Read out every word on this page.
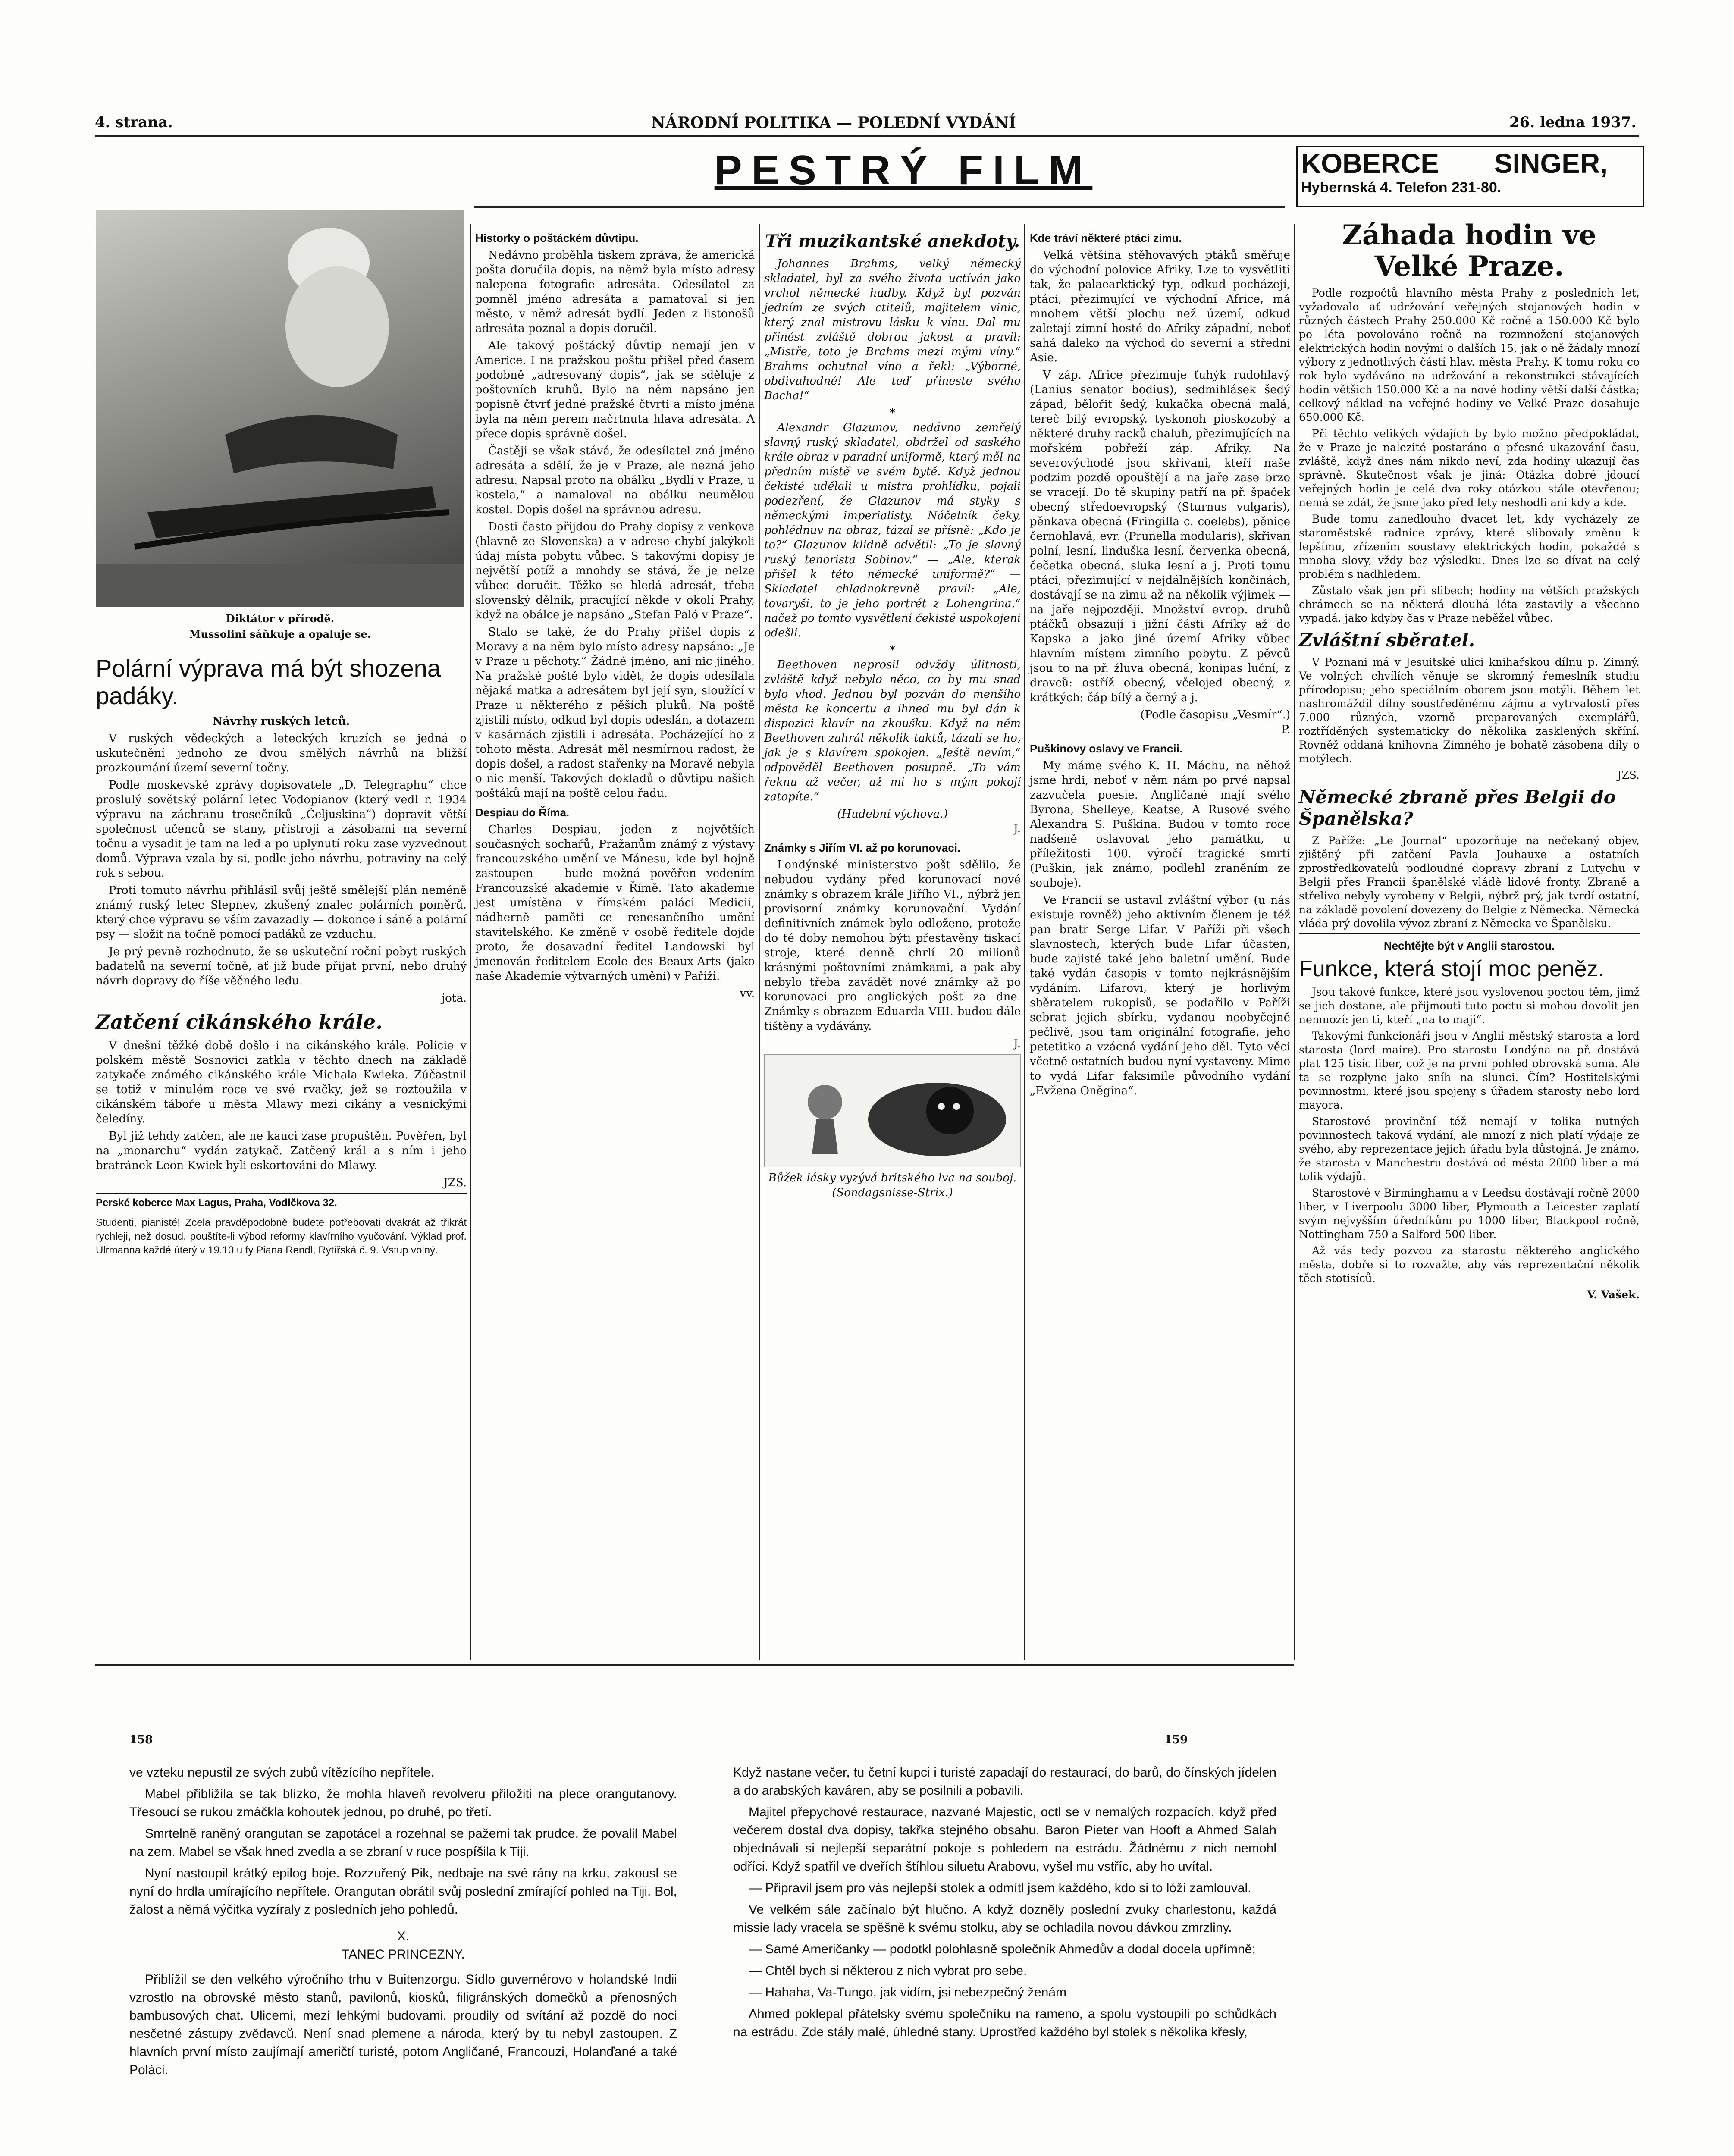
4. strana.	NÁRODNÍ POLITIKA — POLEDNÍ VYDÁNÍ	26. ledna 1937.
PESTRÝ FILM	KOBERCE SINGER,
Hybernská 4. Telefon 231-80.
Diktátor v přírodě.
Mussolini sáňkuje a opaluje se.
Polární výprava má být shozena padáky.
Návrhy ruských letců.

V ruských vědeckých a leteckých kruzích se jedná o uskutečnění jednoho ze dvou smělých návrhů na bližší prozkoumání území severní točny.

Podle moskevské zprávy dopisovatele „D. Telegraphu“ chce proslulý sovětský polární letec Vodopianov (který vedl r. 1934 výpravu na záchranu trosečníků „Čeljuskina“) dopravit větší společnost učenců se stany, přístroji a zásobami na severní točnu a vysadit je tam na led a po uplynutí roku zase vyzvednout domů. Výprava vzala by si, podle jeho návrhu, potraviny na celý rok s sebou.

Proti tomuto návrhu přihlásil svůj ještě smělejší plán neméně známý ruský letec Slepnev, zkušený znalec polárních poměrů, který chce výpravu se vším zavazadly — dokonce i sáně a polární psy — složit na točně pomocí padáků ze vzduchu.

Je prý pevně rozhodnuto, že se uskuteční roční pobyt ruských badatelů na severní točně, ať již bude přijat první, nebo druhý návrh dopravy do říše věčného ledu.

jota.
Zatčení cikánského krále.

V dnešní těžké době došlo i na cikánského krále. Policie v polském městě Sosnovici zatkla v těchto dnech na základě zatykače známého cikánského krále Michala Kwieka. Zúčastnil se totiž v minulém roce ve své rvačky, jež se roztoužila v cikánském táboře u města Mlawy mezi cikány a vesnickými čeledíny.

Byl již tehdy zatčen, ale ne kauci zase propuštěn. Pověřen, byl na „monarchu“ vydán zatykač. Zatčený král a s ním i jeho bratránek Leon Kwiek byli eskortováni do Mlawy.

JZS.
Perské koberce Max Lagus, Praha, Vodičkova 32.
Studenti, pianisté! Zcela pravděpodobně budete potřebovati dvakrát až třikrát rychleji, než dosud, pouštíte-li výbod reformy klavírního vyučování. Výklad prof. Ulrmanna každé úterý v 19.10 u fy Piana Rendl, Rytířská č. 9. Vstup volný.
Historky o poštáckém důvtipu.

Nedávno proběhla tiskem zpráva, že americká pošta doručila dopis, na němž byla místo adresy nalepena fotografie adresáta. Odesílatel za pomněl jméno adresáta a pamatoval si jen město, v němž adresát bydlí. Jeden z listonošů adresáta poznal a dopis doručil.

Ale takový poštácký důvtip nemají jen v Americe. I na pražskou poštu přišel před časem podobně „adresovaný dopis“, jak se sděluje z poštovních kruhů. Bylo na něm napsáno jen popisně čtvrť jedné pražské čtvrti a místo jména byla na něm perem načrtnuta hlava adresáta. A přece dopis správně došel.

Častěji se však stává, že odesílatel zná jméno adresáta a sdělí, že je v Praze, ale nezná jeho adresu. Napsal proto na obálku „Bydlí v Praze, u kostela,“ a namaloval na obálku neumělou kostel. Dopis došel na správnou adresu.

Dosti často přijdou do Prahy dopisy z venkova (hlavně ze Slovenska) a v adrese chybí jakýkoli údaj místa pobytu vůbec. S takovými dopisy je největší potíž a mnohdy se stává, že je nelze vůbec doručit. Těžko se hledá adresát, třeba slovenský dělník, pracující někde v okolí Prahy, když na obálce je napsáno „Stefan Paló v Praze“.

Stalo se také, že do Prahy přišel dopis z Moravy a na něm bylo místo adresy napsáno: „Je v Praze u pěchoty.“ Žádné jméno, ani nic jiného. Na pražské poště bylo vidět, že dopis odesílala nějaká matka a adresátem byl její syn, sloužící v Praze u některého z pěších pluků. Na poště zjistili místo, odkud byl dopis odeslán, a dotazem v kasárnách zjistili i adresáta. Pocházející ho z tohoto města. Adresát měl nesmírnou radost, že dopis došel, a radost stařenky na Moravě nebyla o nic menší. Takových dokladů o důvtipu našich poštáků mají na poště celou řadu.

Despiau do Říma.

Charles Despiau, jeden z největších současných sochařů, Pražanům známý z výstavy francouzského umění ve Mánesu, kde byl hojně zastoupen — bude možná pověřen vedením Francouzské akademie v Římě. Tato akademie jest umístěna v římském paláci Medicii, nádherně paměti ce renesančního umění stavitelského. Ke změně v osobě ředitele dojde proto, že dosavadní ředitel Landowski byl jmenován ředitelem Ecole des Beaux-Arts (jako naše Akademie výtvarných umění) v Paříži.

vv.
Tři muzikantské anekdoty.

Johannes Brahms, velký německý skladatel, byl za svého života uctíván jako vrchol německé hudby. Když byl pozván jedním ze svých ctitelů, majitelem vinic, který znal mistrovu lásku k vínu. Dal mu přinést zvláště dobrou jakost a pravil: „Mistře, toto je Brahms mezi mými víny.“ Brahms ochutnal víno a řekl: „Výborné, obdivuhodné! Ale teď přineste svého Bacha!“

*

Alexandr Glazunov, nedávno zemřelý slavný ruský skladatel, obdržel od saského krále obraz v paradní uniformě, který měl na předním místě ve svém bytě. Když jednou čekisté udělali u mistra prohlídku, pojali podezření, že Glazunov má styky s německými imperialisty. Náčelník čeky, pohlédnuv na obraz, tázal se přísně: „Kdo je to?“ Glazunov klidně odvětil: „To je slavný ruský tenorista Sobinov.“ — „Ale, kterak přišel k této německé uniformě?“ — Skladatel chladnokrevně pravil: „Ale, tovaryši, to je jeho portrét z Lohengrina,“ načež po tomto vysvětlení čekisté uspokojeni odešli.

*

Beethoven neprosil odvždy úlitnosti, zvláště když nebylo něco, co by mu snad bylo vhod. Jednou byl pozván do menšího města ke koncertu a ihned mu byl dán k dispozici klavír na zkoušku. Když na něm Beethoven zahrál několik taktů, tázali se ho, jak je s klavírem spokojen. „Ještě nevím,“ odpověděl Beethoven posupně. „To vám řeknu až večer, až mi ho s mým pokojí zatopíte.“

(Hudební výchova.)
J.
Známky s Jiřím VI. až po korunovaci.

Londýnské ministerstvo pošt sdělilo, že nebudou vydány před korunovací nové známky s obrazem krále Jiřího VI., nýbrž jen provisorní známky korunovační. Vydání definitivních známek bylo odloženo, protože do té doby nemohou býti přestavěny tiskací stroje, které denně chrlí 20 milionů krásnými poštovními známkami, a pak aby nebylo třeba zavádět nové známky až po korunovaci pro anglických pošt za dne. Známky s obrazem Eduarda VIII. budou dále tištěny a vydávány.

J.
Bůžek lásky vyzývá britského lva na souboj.
(Sondagsnisse-Strix.)
Kde tráví některé ptáci zimu.

Velká většina stěhovavých ptáků směřuje do východní polovice Afriky. Lze to vysvětliti tak, že palaearktický typ, odkud pocházejí, ptáci, přezimující ve východní Africe, má mnohem větší plochu než území, odkud zaletají zimní hosté do Afriky západní, neboť sahá daleko na východ do severní a střední Asie.

V záp. Africe přezimuje ťuhýk rudohlavý (Lanius senator bodius), sedmihlásek šedý západ, bělořit šedý, kukačka obecná malá, tereč bílý evropský, tyskonoh pioskozobý a některé druhy racků chaluh, přezimujících na mořském pobřeží záp. Afriky. Na severovýchodě jsou skřivani, kteří naše podzim pozdě opouštějí a na jaře zase brzo se vracejí. Do tě skupiny patří na př. špaček obecný středoevropský (Sturnus vulgaris), pěnkava obecná (Fringilla c. coelebs), pěnice černohlavá, evr. (Prunella modularis), skřivan polní, lesní, linduška lesní, červenka obecná, čečetka obecná, sluka lesní a j. Proti tomu ptáci, přezimující v nejdálnějších končinách, dostávají se na zimu až na několik výjimek — na jaře nejpozději. Množství evrop. druhů ptáčků obsazují i jižní části Afriky až do Kapska a jako jiné území Afriky vůbec hlavním místem zimního pobytu. Z pěvců jsou to na př. žluva obecná, konipas luční, z dravců: ostříž obecný, včelojed obecný, z krátkých: čáp bílý a černý a j.

(Podle časopisu „Vesmír“.)
P.
Puškinovy oslavy ve Francii.

My máme svého K. H. Máchu, na něhož jsme hrdi, neboť v něm nám po prvé napsal zazvučela poesie. Angličané mají svého Byrona, Shelleye, Keatse, A Rusové svého Alexandra S. Puškina. Budou v tomto roce nadšeně oslavovat jeho památku, u příležitosti 100. výročí tragické smrti (Puškin, jak známo, podlehl zraněním ze souboje).

Ve Francii se ustavil zvláštní výbor (u nás existuje rovněž) jeho aktivním členem je též pan bratr Serge Lifar. V Paříži při všech slavnostech, kterých bude Lifar účasten, bude zajisté také jeho baletní umění. Bude také vydán časopis v tomto nejkrásnějším vydáním. Lifarovi, který je horlivým sběratelem rukopisů, se podařilo v Paříži sebrat jejich sbírku, vydanou neobyčejně pečlivě, jsou tam originální fotografie, jeho petetitko a vzácná vydání jeho děl. Tyto věci včetně ostatních budou nyní vystaveny. Mimo to vydá Lifar faksimile původního vydání „Evžena Oněgina“.

Záhada hodin ve Velké Praze.

Podle rozpočtů hlavního města Prahy z posledních let, vyžadovalo ať udržování veřejných stojanových hodin v různých částech Prahy 250.000 Kč ročně a 150.000 Kč bylo po léta povolováno ročně na rozmnožení stojanových elektrických hodin novými o dalších 15, jak o ně žádaly mnozí výbory z jednotlivých částí hlav. města Prahy. K tomu roku co rok bylo vydáváno na udržování a rekonstrukci stávajících hodin většich 150.000 Kč a na nové hodiny větší další částka; celkový náklad na veřejné hodiny ve Velké Praze dosahuje 650.000 Kč.

Při těchto velikých výdajích by bylo možno předpokládat, že v Praze je nalezité postaráno o přesné ukazování času, zvláště, když dnes nám nikdo neví, zda hodiny ukazují čas správně. Skutečnost však je jiná: Otázka dobré jdoucí veřejných hodin je celé dva roky otázkou stále otevřenou; nemá se zdát, že jsme jako před lety neshodli ani kdy a kde.

Bude tomu zanedlouho dvacet let, kdy vycházely ze staroměstské radnice zprávy, které slibovaly změnu k lepšímu, zřízením soustavy elektrických hodin, pokaždé s mnoha slovy, vždy bez výsledku. Dnes lze se dívat na celý problém s nadhledem.

Zůstalo však jen při slibech; hodiny na větších pražských chrámech se na některá dlouhá léta zastavily a všechno vypadá, jako kdyby čas v Praze neběžel vůbec.

Zvláštní sběratel.

V Poznani má v Jesuitské ulici knihařskou dílnu p. Zimný. Ve volných chvílích věnuje se skromný řemeslník studiu přírodopisu; jeho speciálním oborem jsou motýli. Během let nashromáždil dílny soustředěnému zájmu a vytrvalosti přes 7.000 různých, vzorně preparovaných exemplářů, roztříděných systematicky do několika zasklených skříní. Rovněž oddaná knihovna Zimného je bohatě zásobena díly o motýlech.

JZS.
Německé zbraně přes Belgii do Španělska?

Z Paříže: „Le Journal“ upozorňuje na nečekaný objev, zjištěný při zatčení Pavla Jouhauxe a ostatních zprostředkovatelů podloudné dopravy zbraní z Lutychu v Belgii přes Francii španělské vládě lidové fronty. Zbraně a střelivo nebyly vyrobeny v Belgii, nýbrž prý, jak tvrdí ostatní, na základě povolení dovezeny do Belgie z Německa. Německá vláda prý dovolila vývoz zbraní z Německa ve Španělsku.

Nechtějte být v Anglii starostou.
Funkce, která stojí moc peněz.

Jsou takové funkce, které jsou vyslovenou poctou těm, jimž se jich dostane, ale přijmouti tuto poctu si mohou dovolit jen nemnozí: jen ti, kteří „na to mají“.

Takovými funkcionáři jsou v Anglii městský starosta a lord starosta (lord maire). Pro starostu Londýna na př. dostává plat 125 tisíc liber, což je na první pohled obrovská suma. Ale ta se rozplyne jako sníh na slunci. Čím? Hostitelskými povinnostmi, které jsou spojeny s úřadem starosty nebo lord mayora.

Starostové provinční též nemají v tolika nutných povinnostech taková vydání, ale mnozí z nich platí výdaje ze svého, aby reprezentace jejich úřadu byla důstojná. Je známo, že starosta v Manchestru dostává od města 2000 liber a má tolik výdajů.

Starostové v Birminghamu a v Leedsu dostávají ročně 2000 liber, v Liverpoolu 3000 liber, Plymouth a Leicester zaplatí svým nejvyšším úředníkům po 1000 liber, Blackpool ročně, Nottingham 750 a Salford 500 liber.

Až vás tedy pozvou za starostu některého anglického města, dobře si to rozvažte, aby vás reprezentační několik těch stotisíců.

V. Vašek.
158	159

ve vzteku nepustil ze svých zubů vítězícího nepřítele.

Mabel přibližila se tak blízko, že mohla hlaveň revolveru přiložiti na plece orangutanovy. Třesoucí se rukou zmáčkla kohoutek jednou, po druhé, po třetí.

Smrtelně raněný orangutan se zapotácel a rozehnal se pažemi tak prudce, že povalil Mabel na zem. Mabel se však hned zvedla a se zbraní v ruce pospíšila k Tiji.

Nyní nastoupil krátký epilog boje. Rozzuřený Pik, nedbaje na své rány na krku, zakousl se nyní do hrdla umírajícího nepřítele. Orangutan obrátil svůj poslední zmírající pohled na Tiji. Bol, žalost a němá výčitka vyzíraly z posledních jeho pohledů.

X.
TANEC PRINCEZNY.

Přiblížil se den velkého výročního trhu v Buitenzorgu. Sídlo guvernérovo v holandské Indii vzrostlo na obrovské město stanů, pavilonů, kiosků, filigránských domečků a přenosných bambusových chat. Ulicemi, mezi lehkými budovami, proudily od svítání až pozdě do noci nesčetné zástupy zvědavců. Není snad plemene a národa, který by tu nebyl zastoupen. Z hlavních první místo zaujímají američtí turisté, potom Angličané, Francouzi, Holanďané a také Poláci.

Když nastane večer, tu četní kupci i turisté zapadají do restaurací, do barů, do čínských jídelen a do arabských kaváren, aby se posilnili a pobavili.

Majitel přepychové restaurace, nazvané Majestic, octl se v nemalých rozpacích, když před večerem dostal dva dopisy, takřka stejného obsahu. Baron Pieter van Hooft a Ahmed Salah objednávali si nejlepší separátní pokoje s pohledem na estrádu. Žádnému z nich nemohl odříci. Když spatřil ve dveřích štíhlou siluetu Arabovu, vyšel mu vstříc, aby ho uvítal.

— Připravil jsem pro vás nejlepší stolek a odmítl jsem každého, kdo si to lóži zamlouval.

Ve velkém sále začínalo být hlučno. A když dozněly poslední zvuky charlestonu, každá missie lady vracela se spěšně k svému stolku, aby se ochladila novou dávkou zmrzliny.

— Samé Američanky — podotkl polohlasně společník Ahmedův a dodal docela upřímně;

— Chtěl bych si některou z nich vybrat pro sebe.

— Hahaha, Va-Tungo, jak vidím, jsi nebezpečný ženám

Ahmed poklepal přátelsky svému společníku na rameno, a spolu vystoupili po schůdkách na estrádu. Zde stály malé, úhledné stany. Uprostřed každého byl stolek s několika křesly,
